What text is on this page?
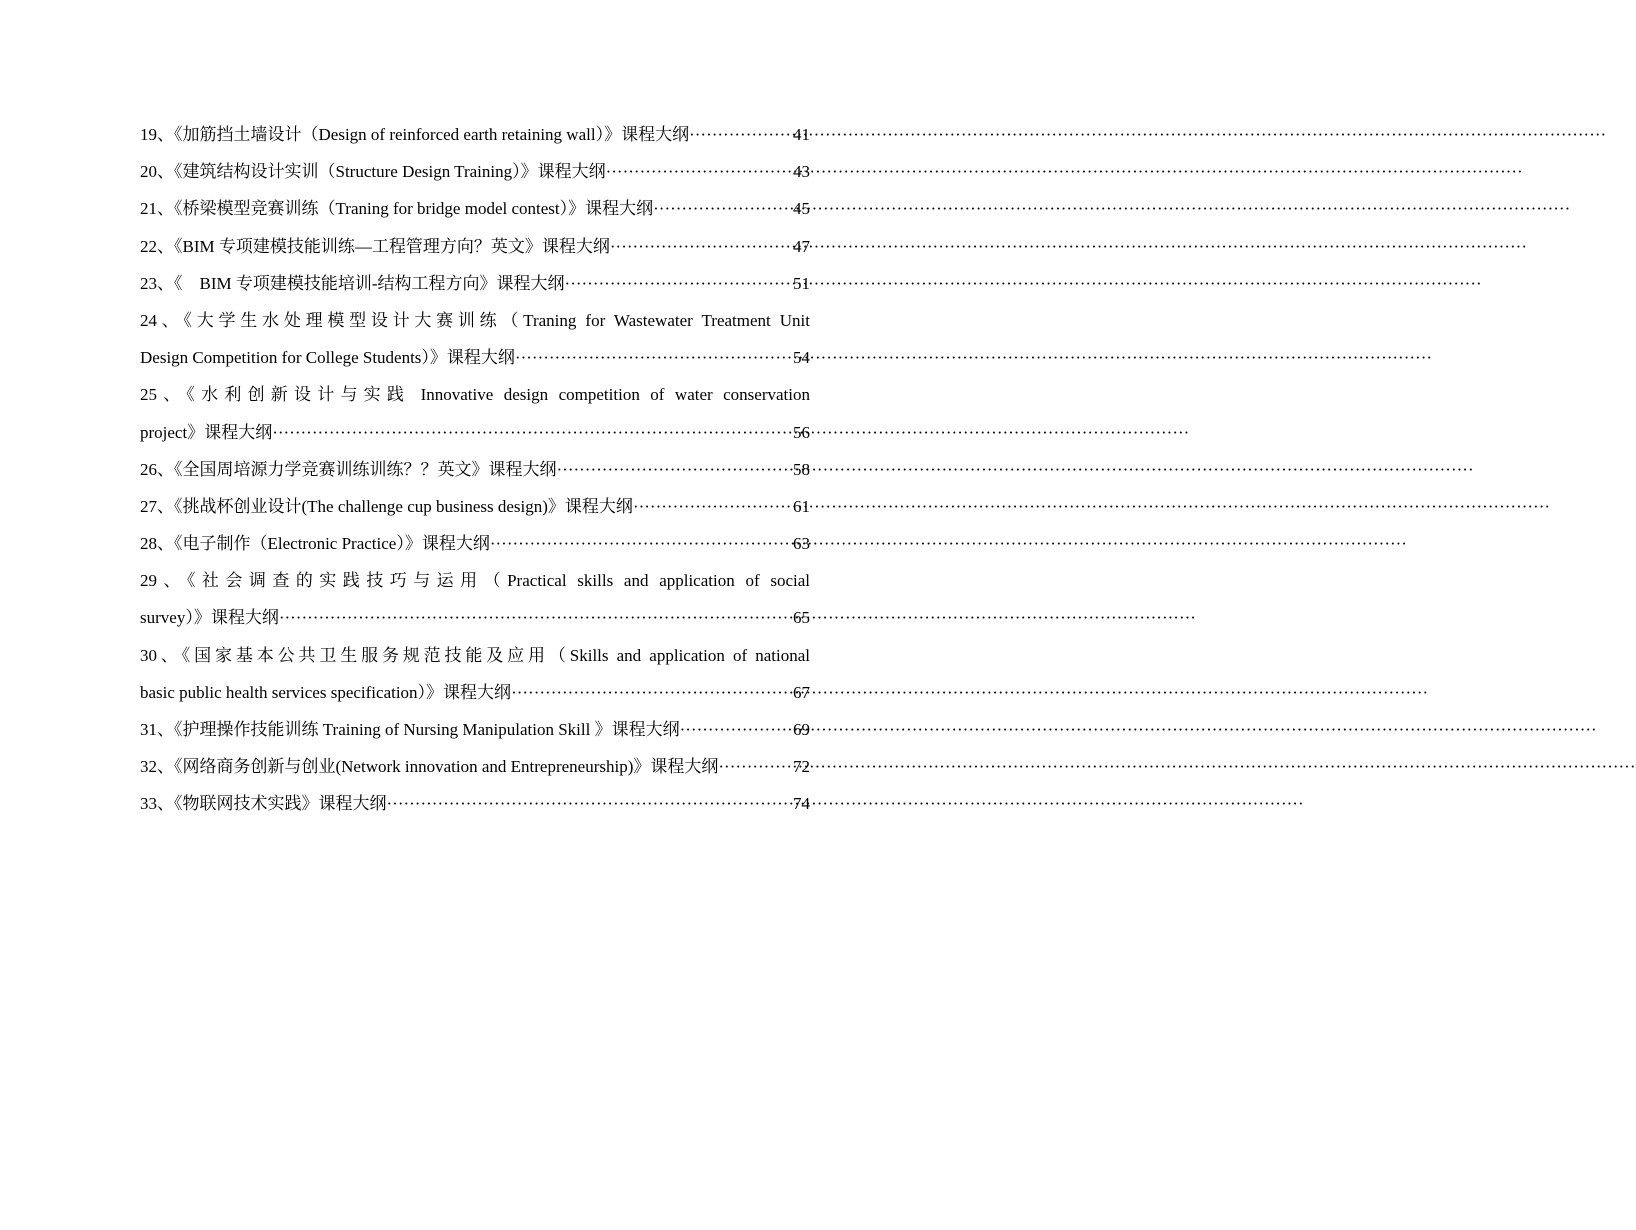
19、《加筋挡土墙设计（Design of reinforced earth retaining wall）》课程大纲 ·····	41
20、《建筑结构设计实训（Structure Design Training）》课程大纲 ·····	43
21、《桥梁模型竞赛训练（Traning for bridge model contest）》课程大纲 ·····	45
22、《BIM 专项建模技能训练—工程管理方向？英文》课程大纲 ·····	47
23、《　BIM 专项建模技能培训-结构工程方向》课程大纲 ·····	51
24、《大学生水处理模型设计大赛训练（Traning for Wastewater Treatment Unit
Design Competition for College Students）》课程大纲 ·····	54
25、《水利创新设计与实践 Innovative design competition of water conservation
project》课程大纲 ·····	56
26、《全国周培源力学竞赛训练训练？？英文》课程大纲 ·····	58
27、《挑战杯创业设计(The challenge cup business design)》课程大纲 ·····	61
28、《电子制作（Electronic Practice）》课程大纲 ·····	63
29、《社会调查的实践技巧与运用（Practical skills and application of social
survey）》课程大纲 ·····	65
30、《国家基本公共卫生服务规范技能及应用（Skills and application of national
basic public health services specification）》课程大纲 ·····	67
31、《护理操作技能训练 Training of Nursing Manipulation Skill 》课程大纲 ·····	69
32、《网络商务创新与创业(Network innovation and Entrepreneurship)》课程大纲 ·····	72
33、《物联网技术实践》课程大纲 ·····	74
